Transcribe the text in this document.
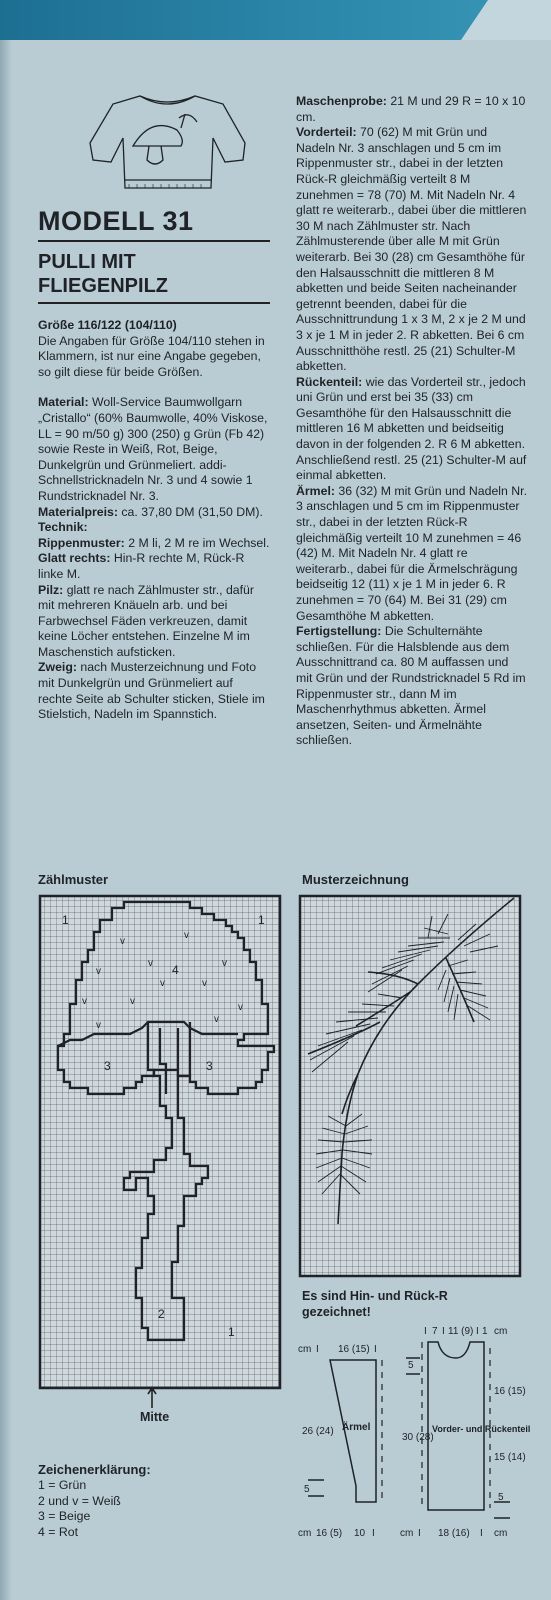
MODELL 31
PULLI MIT
FLIEGENPILZ

Größe 116/122 (104/110)

Die Angaben für Größe 104/110 stehen in Klammern, ist nur eine Angabe gegeben, so gilt diese für beide Größen.

Material: Woll-Service Baumwollgarn „Cristallo“ (60% Baumwolle, 40% Viskose, LL = 90 m/50 g) 300 (250) g Grün (Fb 42) sowie Reste in Weiß, Rot, Beige, Dunkelgrün und Grünmeliert. addi-Schnellstricknadeln Nr. 3 und 4 sowie 1 Rundstricknadel Nr. 3.

Materialpreis: ca. 37,80 DM (31,50 DM).

Technik:

Rippenmuster: 2 M li, 2 M re im Wechsel.

Glatt rechts: Hin-R rechte M, Rück-R linke M.

Pilz: glatt re nach Zählmuster str., dafür mit mehreren Knäueln arb. und bei Farbwechsel Fäden verkreuzen, damit keine Löcher entstehen. Einzelne M im Maschenstich aufsticken.

Zweig: nach Musterzeichnung und Foto mit Dunkelgrün und Grünmeliert auf rechte Seite ab Schulter sticken, Stiele im Stielstich, Nadeln im Spannstich.

Maschenprobe: 21 M und 29 R = 10 x 10 cm.

Vorderteil: 70 (62) M mit Grün und Nadeln Nr. 3 anschlagen und 5 cm im Rippenmuster str., dabei in der letzten Rück-R gleichmäßig verteilt 8 M zunehmen = 78 (70) M. Mit Nadeln Nr. 4 glatt re weiterarb., dabei über die mittleren 30 M nach Zählmuster str. Nach Zählmusterende über alle M mit Grün weiterarb. Bei 30 (28) cm Gesamthöhe für den Halsausschnitt die mittleren 8 M abketten und beide Seiten nacheinander getrennt beenden, dabei für die Ausschnittrundung 1 x 3 M, 2 x je 2 M und 3 x je 1 M in jeder 2. R abketten. Bei 6 cm Ausschnitthöhe restl. 25 (21) Schulter-M abketten.

Rückenteil: wie das Vorderteil str., jedoch uni Grün und erst bei 35 (33) cm Gesamthöhe für den Halsausschnitt die mittleren 16 M abketten und beidseitig davon in der folgenden 2. R 6 M abketten. Anschließend restl. 25 (21) Schulter-M auf einmal abketten.

Ärmel: 36 (32) M mit Grün und Nadeln Nr. 3 anschlagen und 5 cm im Rippenmuster str., dabei in der letzten Rück-R gleichmäßig verteilt 10 M zunehmen = 46 (42) M. Mit Nadeln Nr. 4 glatt re weiterarb., dabei für die Ärmelschrägung beidseitig 12 (11) x je 1 M in jeder 6. R zunehmen = 70 (64) M. Bei 31 (29) cm Gesamthöhe M abketten.

Fertigstellung: Die Schulternähte schließen. Für die Halsblende aus dem Ausschnittrand ca. 80 M auffassen und mit Grün und der Rundstricknadel 5 Rd im Rippenmuster str., dann M im Maschenrhythmus abketten. Ärmel ansetzen, Seiten- und Ärmelnähte schließen.

Zählmuster	Musterzeichnung
1	1
4
3	3
2
1
v
v
v
v	v
v	v
v	v
v
v
v
Mitte
Es sind Hin- und Rück-R gezeichnet!
cm I 16 (15) I
26 (24)
5
cm 16 (5) 10 I
Ärmel
I 7 I 11 (9) I 1 cm
5
30 (28)
16 (15)
15 (14)
5
cm I 18 (16) I cm
Vorder- und Rückenteil
Zeichenerklärung:
1 = Grün
2 und v = Weiß
3 = Beige
4 = Rot
